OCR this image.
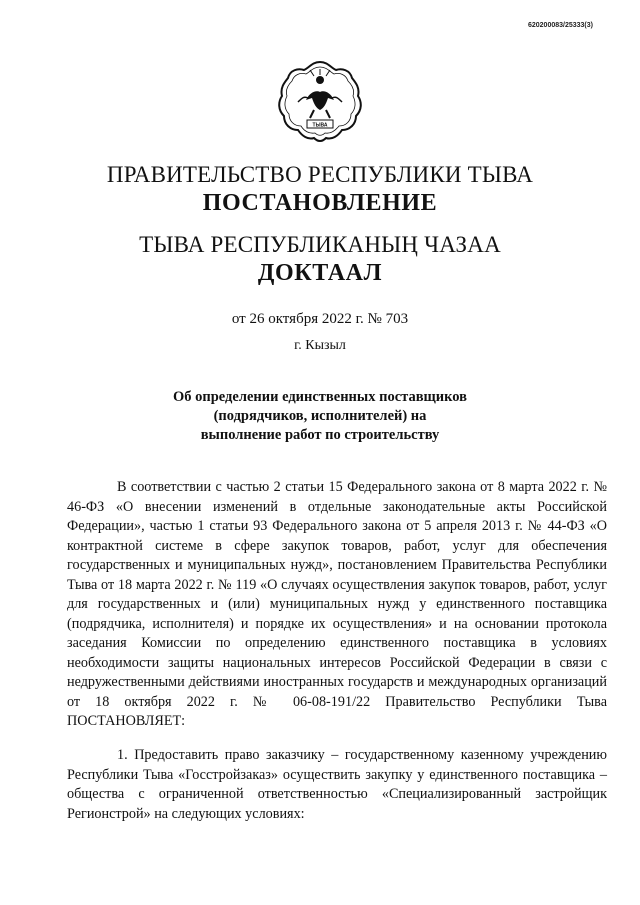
620200083/25333(3)
ТЫВА
ПРАВИТЕЛЬСТВО РЕСПУБЛИКИ ТЫВА
ПОСТАНОВЛЕНИЕ
ТЫВА РЕСПУБЛИКАНЫҢ ЧАЗАА
ДОКТААЛ
от 26 октября 2022 г. № 703
г. Кызыл
Об определении единственных поставщиков
(подрядчиков, исполнителей) на
выполнение работ по строительству

В соответствии с частью 2 статьи 15 Федерального закона от 8 марта 2022 г. № 46-ФЗ «О внесении изменений в отдельные законодательные акты Российской Федерации», частью 1 статьи 93 Федерального закона от 5 апреля 2013 г. № 44-ФЗ «О контрактной системе в сфере закупок товаров, работ, услуг для обеспечения государственных и муниципальных нужд», постановлением Правительства Республики Тыва от 18 марта 2022 г. № 119 «О случаях осуществления закупок товаров, работ, услуг для государственных и (или) муниципальных нужд у единственного поставщика (подрядчика, исполнителя) и порядке их осуществления» и на основании протокола заседания Комиссии по определению единственного поставщика в условиях необходимости защиты национальных интересов Российской Федерации в связи с недружественными действиями иностранных государств и международных организаций от 18 октября 2022 г. № 06-08-191/22 Правительство Республики Тыва ПОСТАНОВЛЯЕТ:

1. Предоставить право заказчику – государственному казенному учреждению Республики Тыва «Госстройзаказ» осуществить закупку у единственного поставщика – общества с ограниченной ответственностью «Специализированный застройщик Регионстрой» на следующих условиях:
